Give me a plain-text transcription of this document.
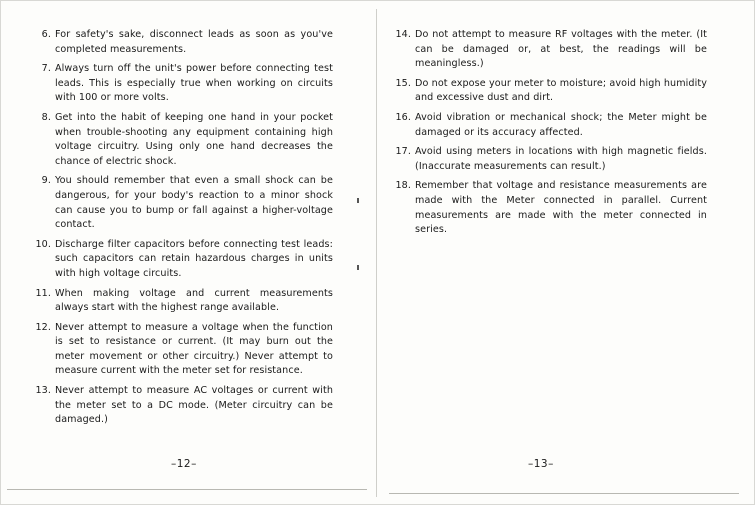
6. For safety's sake, disconnect leads as soon as you've completed measurements.
7. Always turn off the unit's power before connecting test leads. This is especially true when working on circuits with 100 or more volts.
8. Get into the habit of keeping one hand in your pocket when trouble-shooting any equipment containing high voltage circuitry. Using only one hand decreases the chance of electric shock.
9. You should remember that even a small shock can be dangerous, for your body's reaction to a minor shock can cause you to bump or fall against a higher-voltage contact.
10. Discharge filter capacitors before connecting test leads: such capacitors can retain hazardous charges in units with high voltage circuits.
11. When making voltage and current measurements always start with the highest range available.
12. Never attempt to measure a voltage when the function is set to resistance or current. (It may burn out the meter movement or other circuitry.) Never attempt to measure current with the meter set for resistance.
13. Never attempt to measure AC voltages or current with the meter set to a DC mode. (Meter circuitry can be damaged.)
–12–
14. Do not attempt to measure RF voltages with the meter. (It can be damaged or, at best, the readings will be meaningless.)
15. Do not expose your meter to moisture; avoid high humidity and excessive dust and dirt.
16. Avoid vibration or mechanical shock; the Meter might be damaged or its accuracy affected.
17. Avoid using meters in locations with high magnetic fields. (Inaccurate measurements can result.)
18. Remember that voltage and resistance measurements are made with the Meter connected in parallel. Current measurements are made with the meter connected in series.
–13–
